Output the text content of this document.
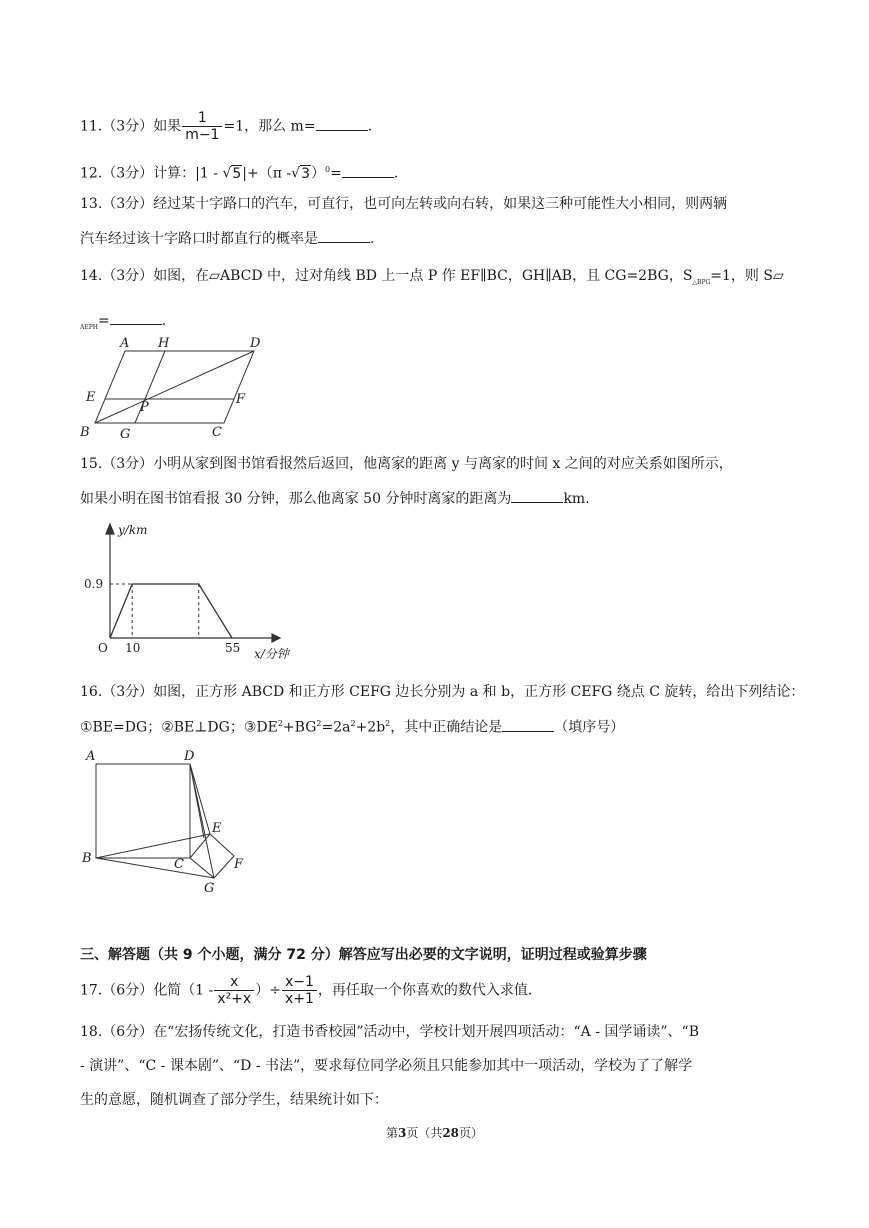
11.（3分）如果 $\frac{1}{m-1} =1$，那么 m=	.
12.（3分）计算：|1 - √5|+（π -√3）$^0$=	.
13.（3分）经过某十字路口的汽车，可直行，也可向左转或向右转，如果这三种可能性大小相同，则两辆
汽车经过该十字路口时都直行的概率是	.
14.（3分）如图，在▱ABCD 中，过对角线 BD 上一点 P 作 EF∥BC，GH∥AB，且 CG=2BG，$S_{\triangle BPG}=1$，则 S▱
$_{AEPH}$=	.
A H	D
E
P
F
B G	C
15.（3分）小明从家到图书馆看报然后返回，他离家的距离 y 与离家的时间 x 之间的对应关系如图所示，
如果小明在图书馆看报 30 分钟，那么他离家 50 分钟时离家的距离为	km.
y/km
x/分钟
O 10	55
0.9
16.（3分）如图，正方形 ABCD 和正方形 CEFG 边长分别为 a 和 b，正方形 CEFG 绕点 C 旋转，给出下列结论：
①BE=DG；②BE⊥DG；$③DE^2+BG^2=2a^2+2b^2$，其中正确结论是	（填序号）
A	D
E
B	C	F
G
三、解答题（共 9 个小题，满分 72 分）解答应写出必要的文字说明，证明过程或验算步骤
17.（6分）化简（$1 - \frac{x}{\text{x²+x}}$ ）÷ $\frac{x-1}{x+1}$ ，再任取一个你喜欢的数代入求值.
18.（6分）在“宏扬传统文化，打造书香校园”活动中，学校计划开展四项活动：“A - 国学诵读”、“B
- 演讲”、“C - 课本剧”、“D - 书法”，要求每位同学必须且只能参加其中一项活动，学校为了了解学
生的意愿，随机调查了部分学生，结果统计如下：
第3页（共28页）
